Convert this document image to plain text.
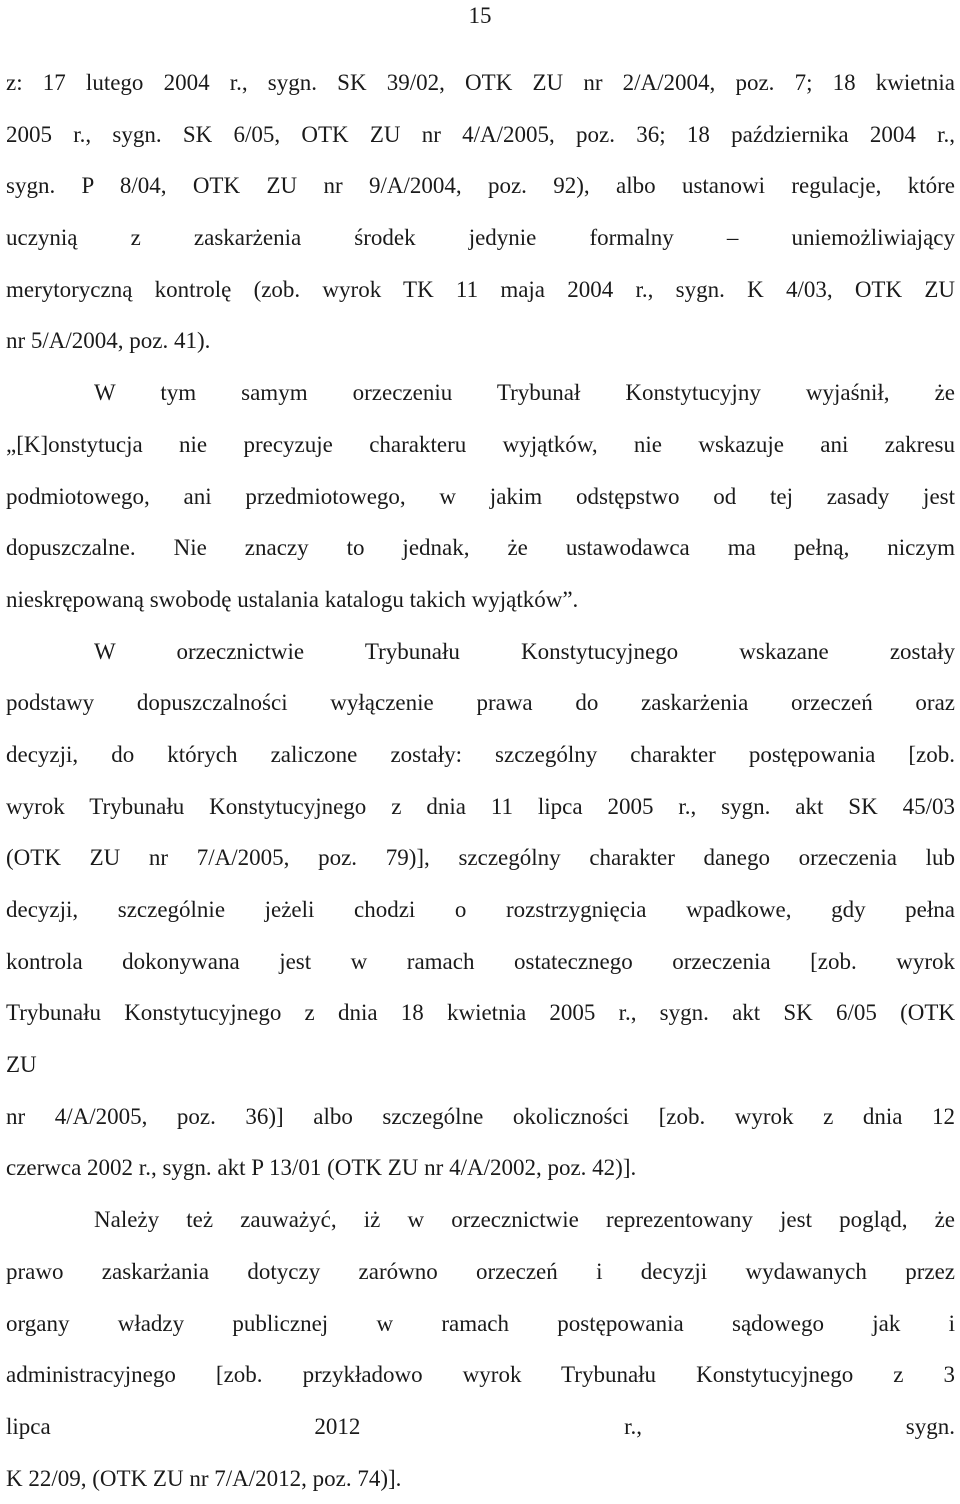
15
z: 17 lutego 2004 r., sygn. SK 39/02, OTK ZU nr 2/A/2004, poz. 7; 18 kwietnia
2005 r., sygn. SK 6/05, OTK ZU nr 4/A/2005, poz. 36; 18 października 2004 r.,
sygn. P 8/04, OTK ZU nr 9/A/2004, poz. 92), albo ustanowi regulacje, które
uczynią z zaskarżenia środek jedynie formalny – uniemożliwiający
merytoryczną kontrolę (zob. wyrok TK 11 maja 2004 r., sygn. K 4/03, OTK ZU
nr 5/A/2004, poz. 41).
W tym samym orzeczeniu Trybunał Konstytucyjny wyjaśnił, że
„[K]onstytucja nie precyzuje charakteru wyjątków, nie wskazuje ani zakresu
podmiotowego, ani przedmiotowego, w jakim odstępstwo od tej zasady jest
dopuszczalne. Nie znaczy to jednak, że ustawodawca ma pełną, niczym
nieskrępowaną swobodę ustalania katalogu takich wyjątków”.
W orzecznictwie Trybunału Konstytucyjnego wskazane zostały
podstawy dopuszczalności wyłączenie prawa do zaskarżenia orzeczeń oraz
decyzji, do których zaliczone zostały: szczególny charakter postępowania [zob.
wyrok Trybunału Konstytucyjnego z dnia 11 lipca 2005 r., sygn. akt SK 45/03
(OTK ZU nr 7/A/2005, poz. 79)], szczególny charakter danego orzeczenia lub
decyzji, szczególnie jeżeli chodzi o rozstrzygnięcia wpadkowe, gdy pełna
kontrola dokonywana jest w ramach ostatecznego orzeczenia [zob. wyrok
Trybunału Konstytucyjnego z dnia 18 kwietnia 2005 r., sygn. akt SK 6/05 (OTK
ZU
nr 4/A/2005, poz. 36)] albo szczególne okoliczności [zob. wyrok z dnia 12
czerwca 2002 r., sygn. akt P 13/01 (OTK ZU nr 4/A/2002, poz. 42)].
Należy też zauważyć, iż w orzecznictwie reprezentowany jest pogląd, że
prawo zaskarżania dotyczy zarówno orzeczeń i decyzji wydawanych przez
organy władzy publicznej w ramach postępowania sądowego jak i
administracyjnego [zob. przykładowo wyrok Trybunału Konstytucyjnego z 3
lipca 2012 r., sygn.
K 22/09, (OTK ZU nr 7/A/2012, poz. 74)].
